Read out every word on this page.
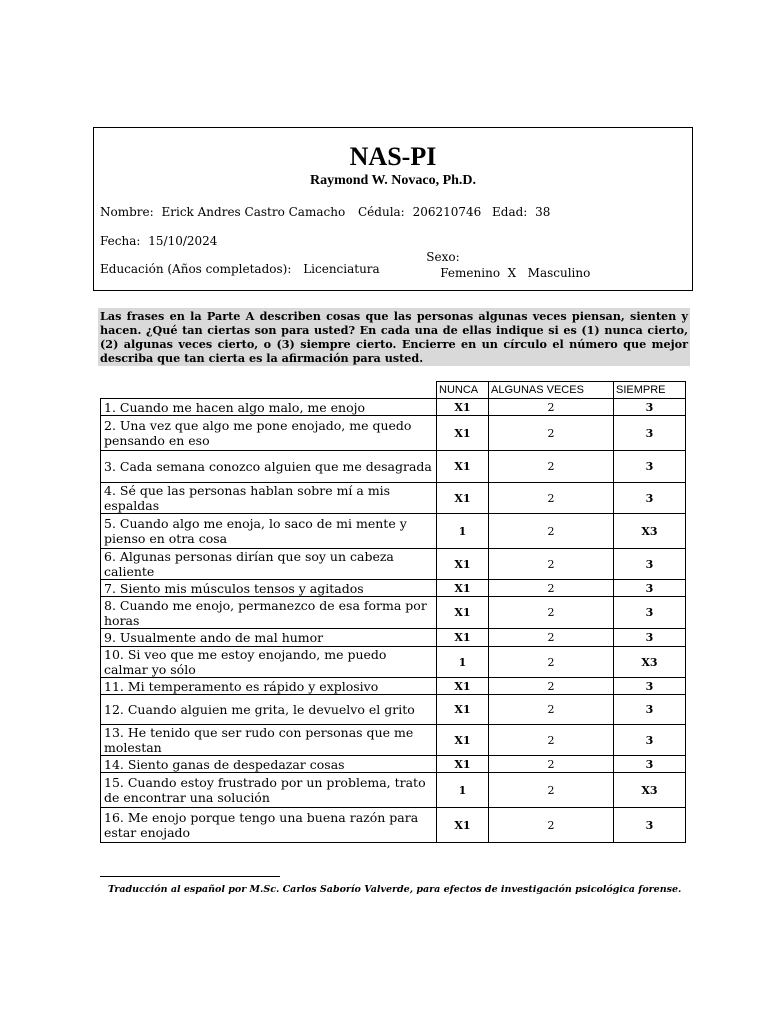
NAS-PI
Raymond W. Novaco, Ph.D.
Nombre: Erick Andres Castro Camacho Cédula: 206210746 Edad: 38
Fecha: 15/10/2024

Sexo:
Femenino  X   Masculino

Educación (Años completados): Licenciatura
Las frases en la Parte A describen cosas que las personas algunas veces piensan, sienten y hacen. ¿Qué tan ciertas son para usted? En cada una de ellas indique si es (1) nunca cierto, (2) algunas veces cierto, o (3) siempre cierto. Encierre en un círculo el número que mejor describa que tan cierta es la afirmación para usted.
	NUNCA	ALGUNAS VECES	SIEMPRE
1. Cuando me hacen algo malo, me enojo	X1	2	3
2. Una vez que algo me pone enojado, me quedo pensando en eso	X1	2	3
3. Cada semana conozco alguien que me desagrada	X1	2	3
4. Sé que las personas hablan sobre mí a mis espaldas	X1	2	3
5. Cuando algo me enoja, lo saco de mi mente y pienso en otra cosa	1	2	X3
6. Algunas personas dirían que soy un cabeza caliente	X1	2	3
7. Siento mis músculos tensos y agitados	X1	2	3
8. Cuando me enojo, permanezco de esa forma por horas	X1	2	3
9. Usualmente ando de mal humor	X1	2	3
10. Si veo que me estoy enojando, me puedo calmar yo sólo	1	2	X3
11. Mi temperamento es rápido y explosivo	X1	2	3
12. Cuando alguien me grita, le devuelvo el grito	X1	2	3
13. He tenido que ser rudo con personas que me molestan	X1	2	3
14. Siento ganas de despedazar cosas	X1	2	3
15. Cuando estoy frustrado por un problema, trato de encontrar una solución	1	2	X3
16. Me enojo porque tengo una buena razón para estar enojado	X1	2	3
Traducción al español por M.Sc. Carlos Saborío Valverde, para efectos de investigación psicológica forense.
